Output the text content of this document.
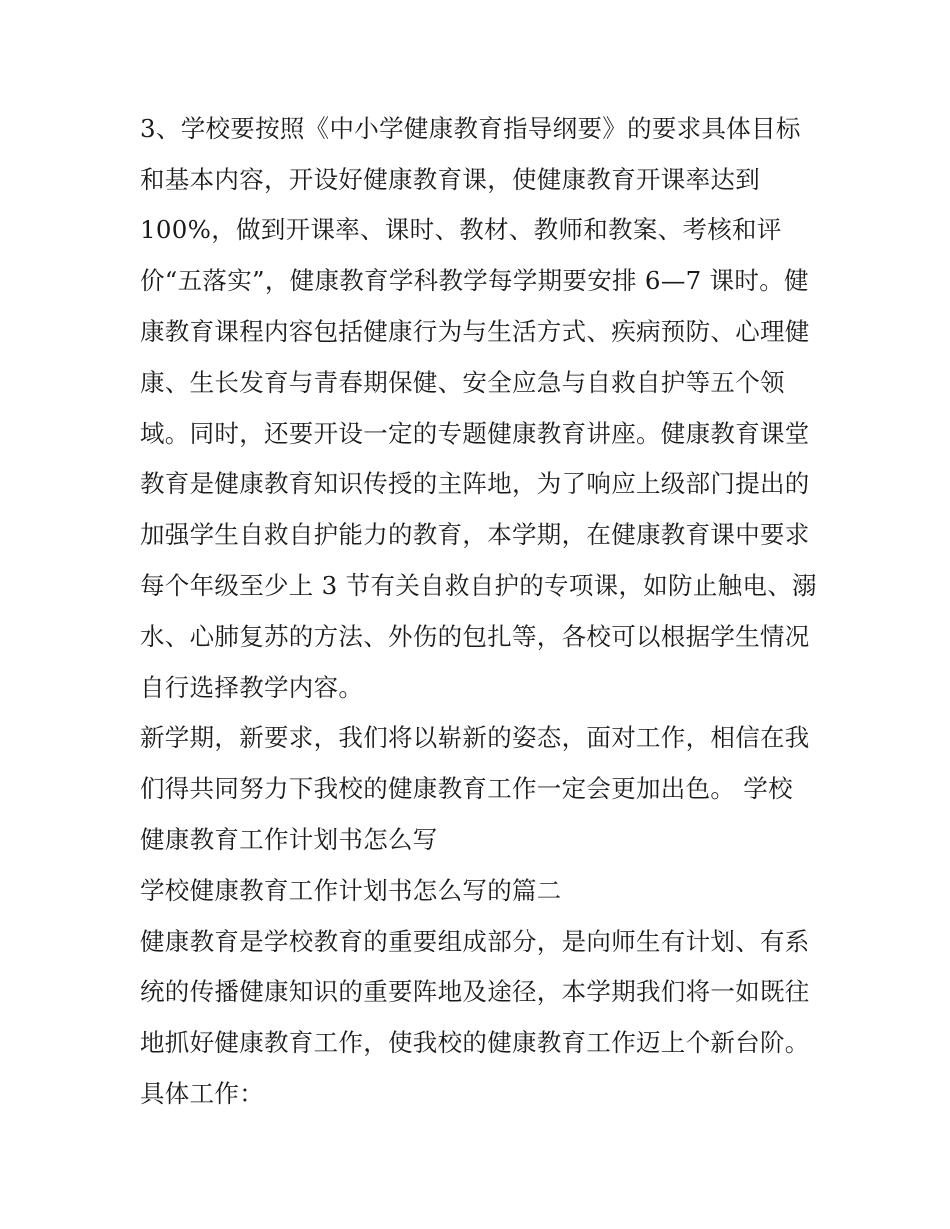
3、学校要按照《中小学健康教育指导纲要》的要求具体目标

和基本内容，开设好健康教育课，使健康教育开课率达到

100%，做到开课率、课时、教材、教师和教案、考核和评

价“五落实”，健康教育学科教学每学期要安排 6—7 课时。健

康教育课程内容包括健康行为与生活方式、疾病预防、心理健

康、生长发育与青春期保健、安全应急与自救自护等五个领

域。同时，还要开设一定的专题健康教育讲座。健康教育课堂

教育是健康教育知识传授的主阵地，为了响应上级部门提出的

加强学生自救自护能力的教育，本学期，在健康教育课中要求

每个年级至少上 3 节有关自救自护的专项课，如防止触电、溺

水、心肺复苏的方法、外伤的包扎等，各校可以根据学生情况

自行选择教学内容。

新学期，新要求，我们将以崭新的姿态，面对工作，相信在我

们得共同努力下我校的健康教育工作一定会更加出色。 学校

健康教育工作计划书怎么写

学校健康教育工作计划书怎么写的篇二

健康教育是学校教育的重要组成部分，是向师生有计划、有系

统的传播健康知识的重要阵地及途径，本学期我们将一如既往

地抓好健康教育工作，使我校的健康教育工作迈上个新台阶。

具体工作：
